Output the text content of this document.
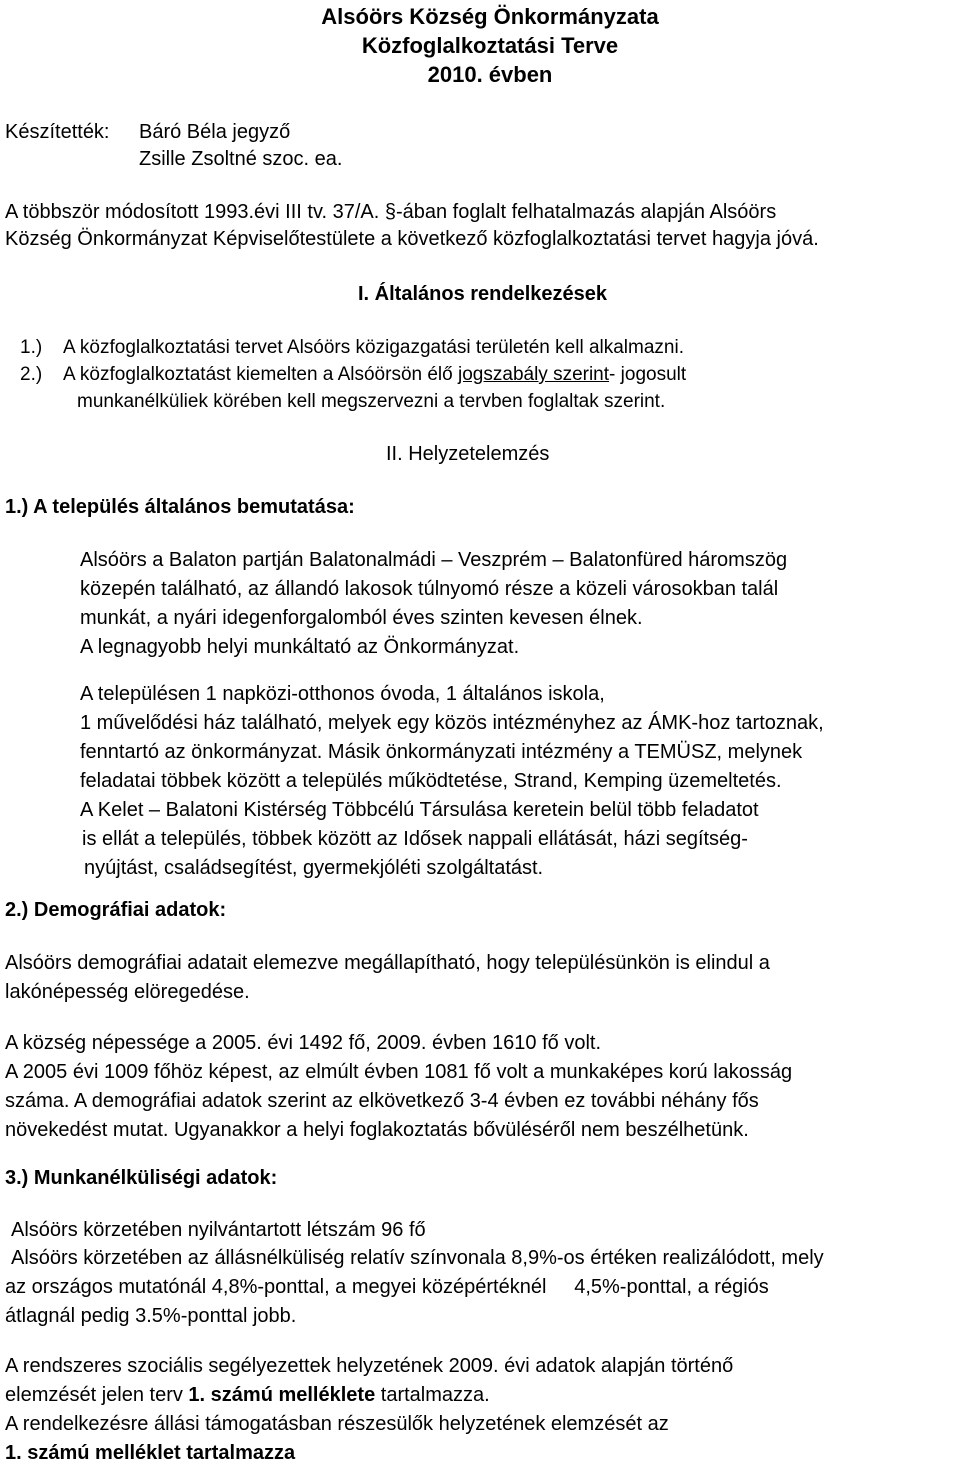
Alsóörs Község Önkormányzata
Közfoglalkoztatási Terve
2010. évben
Készítették: Báró Béla jegyző
Zsille Zsoltné szoc. ea.
A többször módosított 1993.évi III tv. 37/A. §-ában foglalt felhatalmazás alapján Alsóörs
Község Önkormányzat Képviselőtestülete a következő közfoglalkoztatási tervet hagyja jóvá.
I. Általános rendelkezések
1.) A közfoglalkoztatási tervet Alsóörs közigazgatási területén kell alkalmazni.
2.) A közfoglalkoztatást kiemelten a Alsóörsön élő jogszabály szerint- jogosult
munkanélküliek körében kell megszervezni a tervben foglaltak szerint.
II. Helyzetelemzés
1.) A település általános bemutatása:
Alsóörs a Balaton partján Balatonalmádi – Veszprém – Balatonfüred háromszög
közepén található, az állandó lakosok túlnyomó része a közeli városokban talál
munkát, a nyári idegenforgalomból éves szinten kevesen élnek.
A legnagyobb helyi munkáltató az Önkormányzat.
A településen 1 napközi-otthonos óvoda, 1 általános iskola,
1 művelődési ház található, melyek egy közös intézményhez az ÁMK-hoz tartoznak,
fenntartó az önkormányzat. Másik önkormányzati intézmény a TEMÜSZ, melynek
feladatai többek között a település működtetése, Strand, Kemping üzemeltetés.
A Kelet – Balatoni Kistérség Többcélú Társulása keretein belül több feladatot
is ellát a település, többek között az Idősek nappali ellátását, házi segítség-
nyújtást, családsegítést, gyermekjóléti szolgáltatást.
2.) Demográfiai adatok:
Alsóörs demográfiai adatait elemezve megállapítható, hogy településünkön is elindul a
lakónépesség elöregedése.
A község népessége a 2005. évi 1492 fő, 2009. évben 1610 fő volt.
A 2005 évi 1009 főhöz képest, az elmúlt évben 1081 fő volt a munkaképes korú lakosság
száma. A demográfiai adatok szerint az elkövetkező 3-4 évben ez további néhány fős
növekedést mutat. Ugyanakkor a helyi foglakoztatás bővüléséről nem beszélhetünk.
3.) Munkanélküliségi adatok:
Alsóörs körzetében nyilvántartott létszám 96 fő
Alsóörs körzetében az állásnélküliség relatív színvonala 8,9%-os értéken realizálódott, mely
az országos mutatónál 4,8%-ponttal, a megyei középértéknél     4,5%-ponttal, a régiós
átlagnál pedig 3.5%-ponttal jobb.
A rendszeres szociális segélyezettek helyzetének 2009. évi adatok alapján történő
elemzését jelen terv 1. számú melléklete tartalmazza.
A rendelkezésre állási támogatásban részesülők helyzetének elemzését az
1. számú melléklet tartalmazza
